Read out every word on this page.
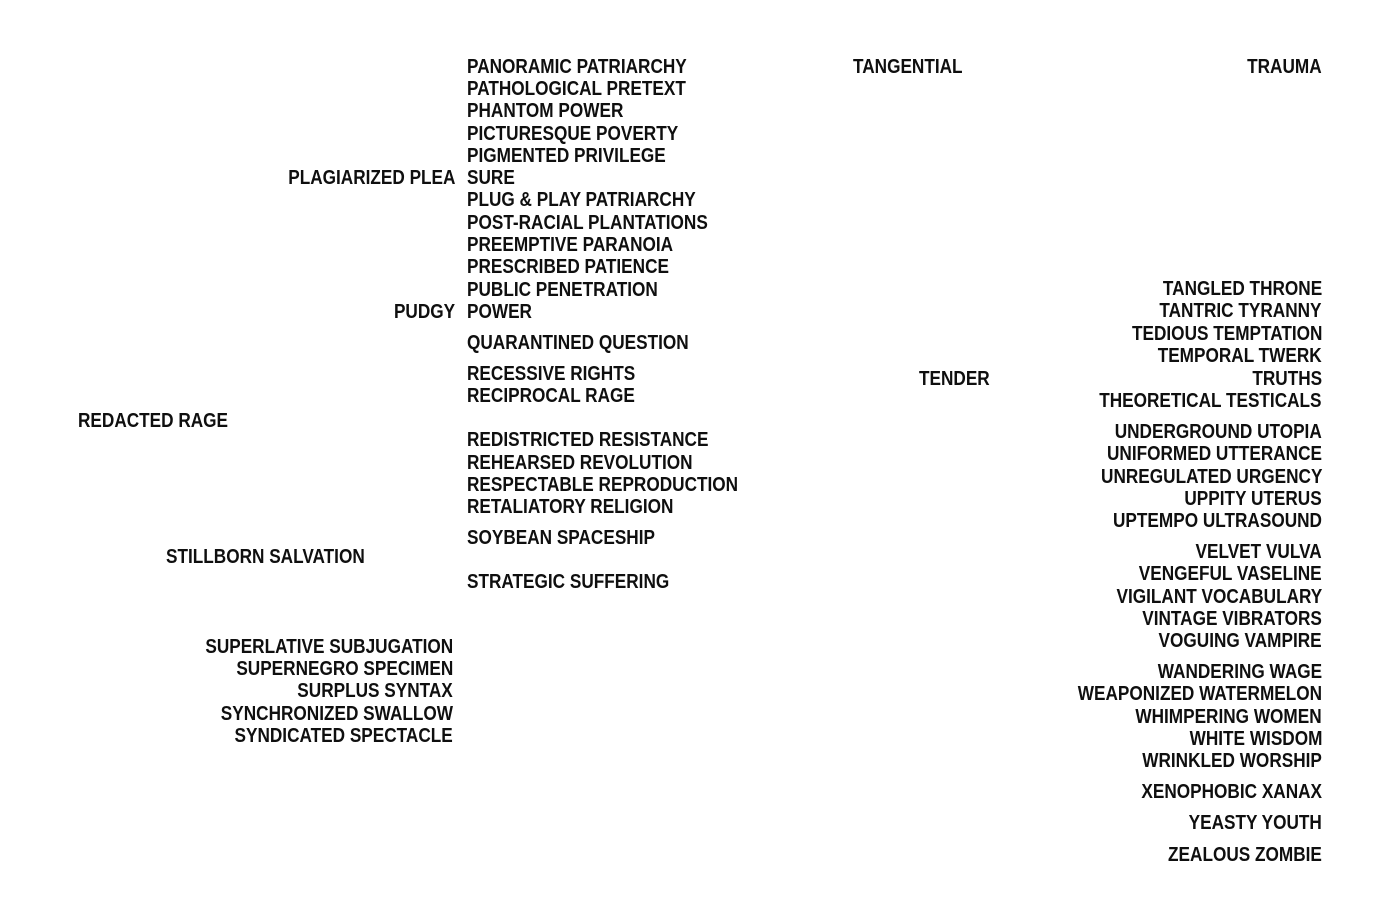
PANORAMIC PATRIARCHY
PATHOLOGICAL PRETEXT
PHANTOM POWER
PICTURESQUE POVERTY
PIGMENTED PRIVILEGE
SURE
PLUG & PLAY PATRIARCHY
POST-RACIAL PLANTATIONS
PREEMPTIVE PARANOIA
PRESCRIBED PATIENCE
PUBLIC PENETRATION
POWER
QUARANTINED QUESTION
RECESSIVE RIGHTS
RECIPROCAL RAGE
REDISTRICTED RESISTANCE
REHEARSED REVOLUTION
RESPECTABLE REPRODUCTION
RETALIATORY RELIGION
SOYBEAN SPACESHIP
STRATEGIC SUFFERING
PLAGIARIZED PLEA
PUDGY
REDACTED RAGE
STILLBORN SALVATION
SUPERLATIVE SUBJUGATION
SUPERNEGRO SPECIMEN
SURPLUS SYNTAX
SYNCHRONIZED SWALLOW
SYNDICATED SPECTACLE
TANGENTIAL
TENDER
TRAUMA
TANGLED THRONE
TANTRIC TYRANNY
TEDIOUS TEMPTATION
TEMPORAL TWERK
TRUTHS
THEORETICAL TESTICALS
UNDERGROUND UTOPIA
UNIFORMED UTTERANCE
UNREGULATED URGENCY
UPPITY UTERUS
UPTEMPO ULTRASOUND
VELVET VULVA
VENGEFUL VASELINE
VIGILANT VOCABULARY
VINTAGE VIBRATORS
VOGUING VAMPIRE
WANDERING WAGE
WEAPONIZED WATERMELON
WHIMPERING WOMEN
WHITE WISDOM
WRINKLED WORSHIP
XENOPHOBIC XANAX
YEASTY YOUTH
ZEALOUS ZOMBIE
